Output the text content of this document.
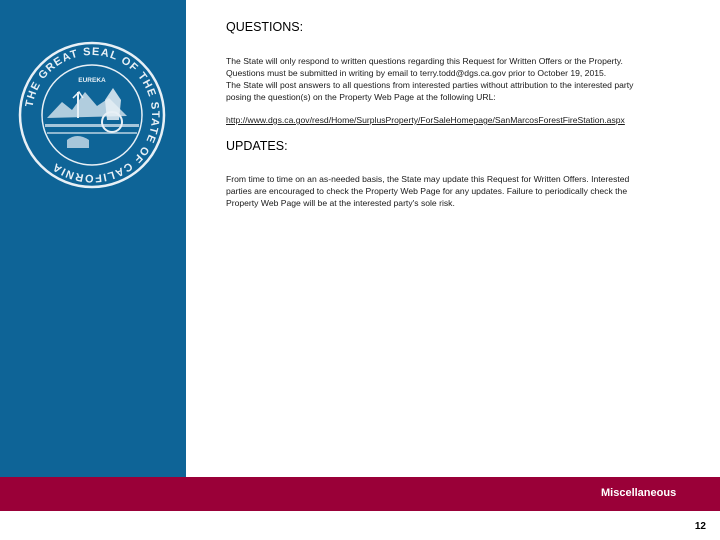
THE GREAT SEAL OF THE STATE OF CALIFORNIA
EUREKA
QUESTIONS:

The State will only respond to written questions regarding this Request for Written Offers or the Property.

Questions must be submitted in writing by email to terry.todd@dgs.ca.gov prior to October 19, 2015.

The State will post answers to all questions from interested parties without attribution to the interested party

posing the question(s) on the Property Web Page at the following URL:

http://www.dgs.ca.gov/resd/Home/SurplusProperty/ForSaleHomepage/SanMarcosForestFireStation.aspx
UPDATES:

From time to time on an as-needed basis, the State may update this Request for Written Offers. Interested

parties are encouraged to check the Property Web Page for any updates. Failure to periodically check the

Property Web Page will be at the interested party's sole risk.

Miscellaneous
12
